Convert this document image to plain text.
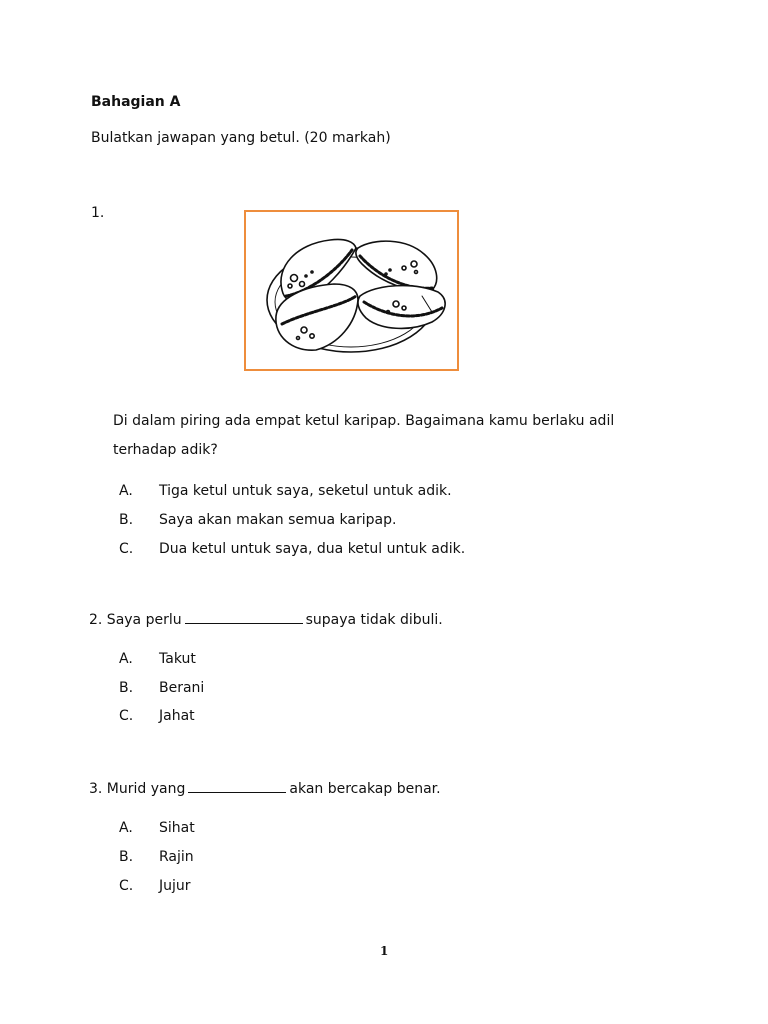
Bahagian A
Bulatkan jawapan yang betul. (20 markah)
1.
Di dalam piring ada empat ketul karipap. Bagaimana kamu berlaku adil
terhadap adik?
A. Tiga ketul untuk saya, seketul untuk adik.
B. Saya akan makan semua karipap.
C. Dua ketul untuk saya, dua ketul untuk adik.
2. Saya perlu	supaya tidak dibuli.
A. Takut
B. Berani
C. Jahat
3. Murid yang	akan bercakap benar.
A. Sihat
B. Rajin
C. Jujur
1
